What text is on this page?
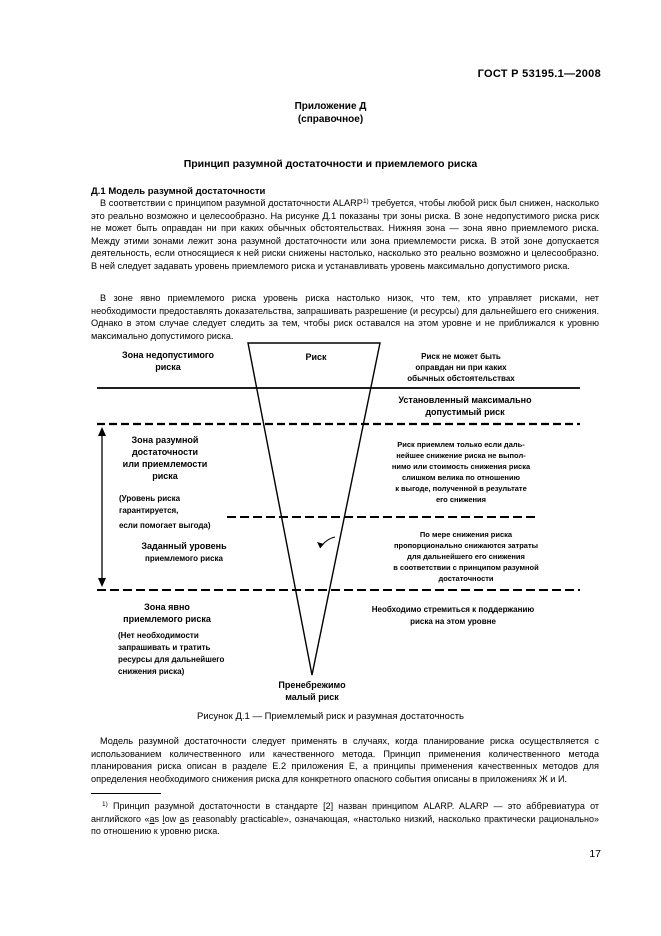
ГОСТ Р 53195.1—2008
Приложение Д
(справочное)
Принцип разумной достаточности и приемлемого риска
Д.1 Модель разумной достаточности

В соответствии с принципом разумной достаточности ALARP$^{1)}$ требуется, чтобы любой риск был снижен, насколько это реально возможно и целесообразно. На рисунке Д.1 показаны три зоны риска. В зоне недопустимого риска риск не может быть оправдан ни при каких обычных обстоятельствах. Нижняя зона — зона явно приемлемого риска. Между этими зонами лежит зона разумной достаточности или зона приемлемости риска. В этой зоне допускается деятельность, если относящиеся к ней риски снижены настолько, насколько это реально возможно и целесообразно. В ней следует задавать уровень приемлемого риска и устанавливать уровень максимально допустимого риска.

В зоне явно приемлемого риска уровень риска настолько низок, что тем, кто управляет рисками, нет необходимости предоставлять доказательства, запрашивать разрешение (и ресурсы) для дальнейшего его снижения. Однако в этом случае следует следить за тем, чтобы риск оставался на этом уровне и не приближался к уровню максимально допустимого риска.

Зона недопустимого
риска
Зона разумной
достаточности
или приемлемости
риска
(Уровень риска
гарантируется,
если помогает выгода)
Заданный уровень
приемлемого риска
Зона явно
приемлемого риска
(Нет необходимости
запрашивать и тратить
ресурсы для дальнейшего
снижения риска)
Риск
Пренебрежимо
малый риск
Риск не может быть
оправдан ни при каких
обычных обстоятельствах
Установленный максимально
допустимый риск
Риск приемлем только если даль-
нейшее снижение риска не выпол-
нимо или стоимость снижения риска
слишком велика по отношению
к выгоде, полученной в результате
его снижения
По мере снижения риска
пропорционально снижаются затраты
для дальнейшего его снижения
в соответствии с принципом разумной
достаточности
Необходимо стремиться к поддержанию
риска на этом уровне
Рисунок Д.1 — Приемлемый риск и разумная достаточность

Модель разумной достаточности следует применять в случаях, когда планирование риска осуществляется с использованием количественного или качественного метода. Принцип применения количественного метода планирования риска описан в разделе Е.2 приложения Е, а принципы применения качественных методов для определения необходимого снижения риска для конкретного опасного события описаны в приложениях Ж и И.

$^{1)}$ Принцип разумной достаточности в стандарте [2] назван принципом ALARP. ALARP — это аббревиатура от английского «as low as reasonably practicable», означающая, «настолько низкий, насколько практически рационально» по отношению к уровню риска.

17
